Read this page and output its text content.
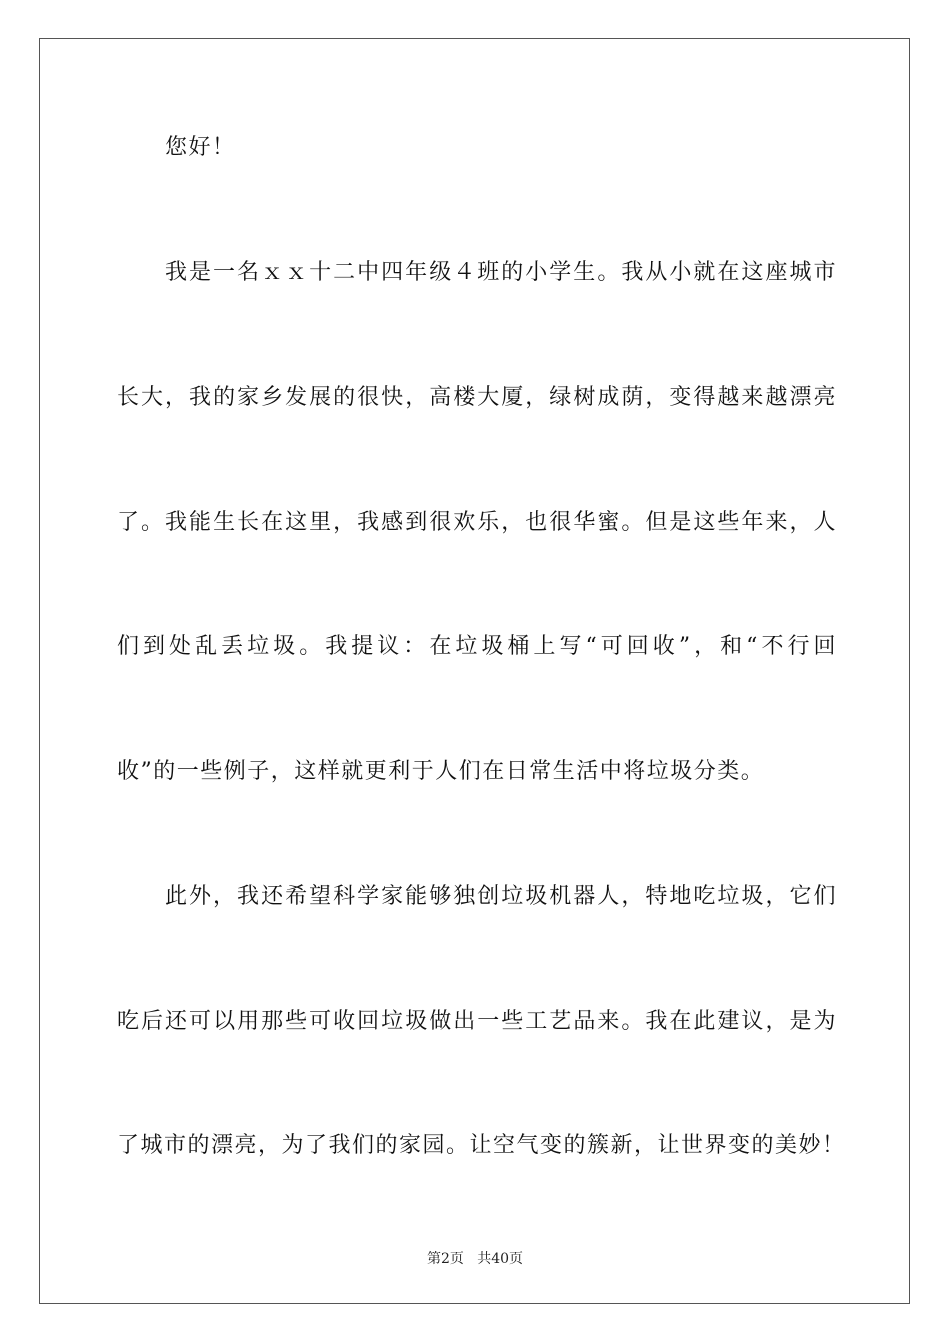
您好！
我是一名ｘｘ十二中四年级４班的小学生。我从小就在这座城市
长大，我的家乡发展的很快，高楼大厦，绿树成荫，变得越来越漂亮
了。我能生长在这里，我感到很欢乐，也很华蜜。但是这些年来，人
们到处乱丢垃圾。我提议：在垃圾桶上写“可回收”，和“不行回
收”的一些例子，这样就更利于人们在日常生活中将垃圾分类。
此外，我还希望科学家能够独创垃圾机器人，特地吃垃圾，它们
吃后还可以用那些可收回垃圾做出一些工艺品来。我在此建议，是为
了城市的漂亮，为了我们的家园。让空气变的簇新，让世界变的美妙！
第2页   共40页
